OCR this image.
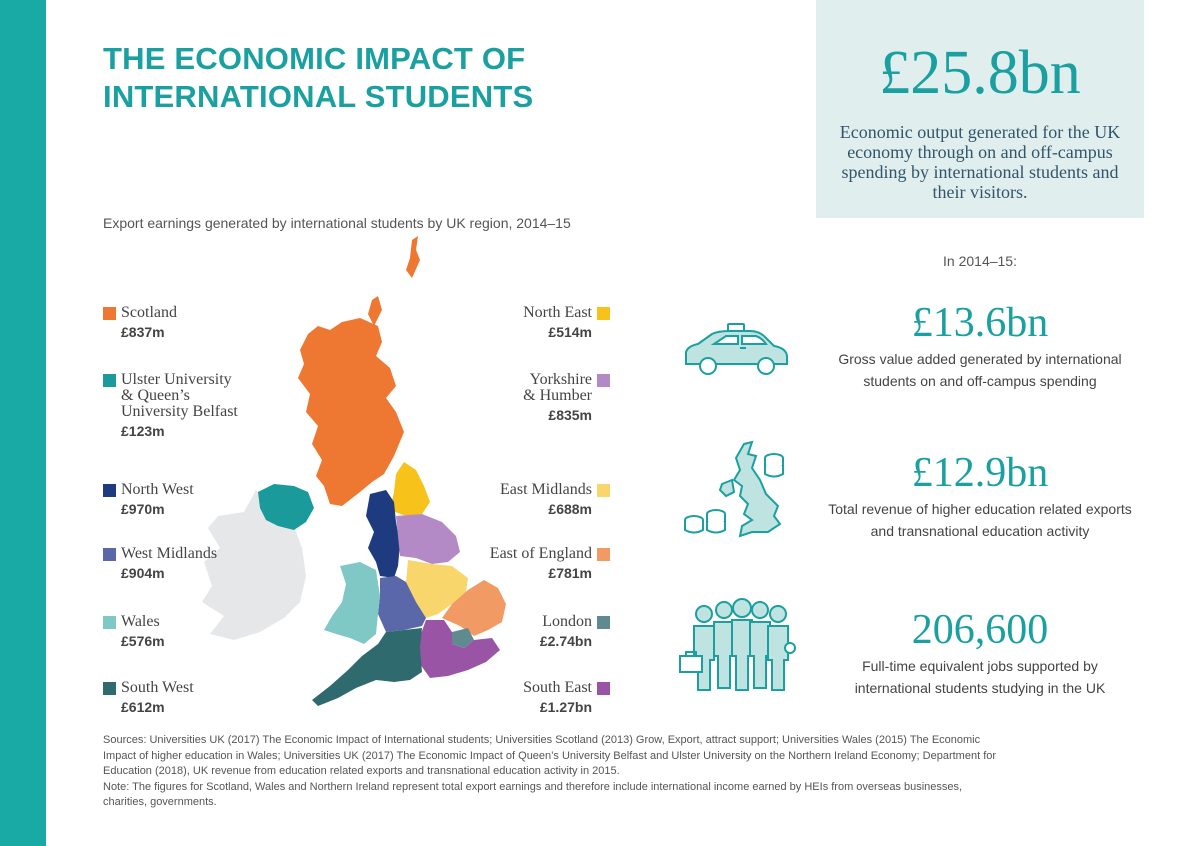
THE ECONOMIC IMPACT OF
INTERNATIONAL STUDENTS
Export earnings generated by international students by UK region, 2014–15
£25.8bn
Economic output generated for the UK economy through on and off-campus spending by international students and their visitors.
In 2014–15:
£13.6bn
Gross value added generated by international
students on and off-campus spending
£12.9bn
Total revenue of higher education related exports
and transnational education activity
206,600
Full-time equivalent jobs supported by
international students studying in the UK
Scotland
£837m
Ulster University
& Queen’s
University Belfast
£123m
North West
£970m
West Midlands
£904m
Wales
£576m
South West
£612m
North East
£514m
Yorkshire
& Humber
£835m
East Midlands
£688m
East of England
£781m
London
£2.74bn
South East
£1.27bn
Sources: Universities UK (2017) The Economic Impact of International students; Universities Scotland (2013) Grow, Export, attract support; Universities Wales (2015) The Economic
Impact of higher education in Wales; Universities UK (2017) The Economic Impact of Queen’s University Belfast and Ulster University on the Northern Ireland Economy; Department for
Education (2018), UK revenue from education related exports and transnational education activity in 2015.
Note: The figures for Scotland, Wales and Northern Ireland represent total export earnings and therefore include international income earned by HEIs from overseas businesses,
charities, governments.
